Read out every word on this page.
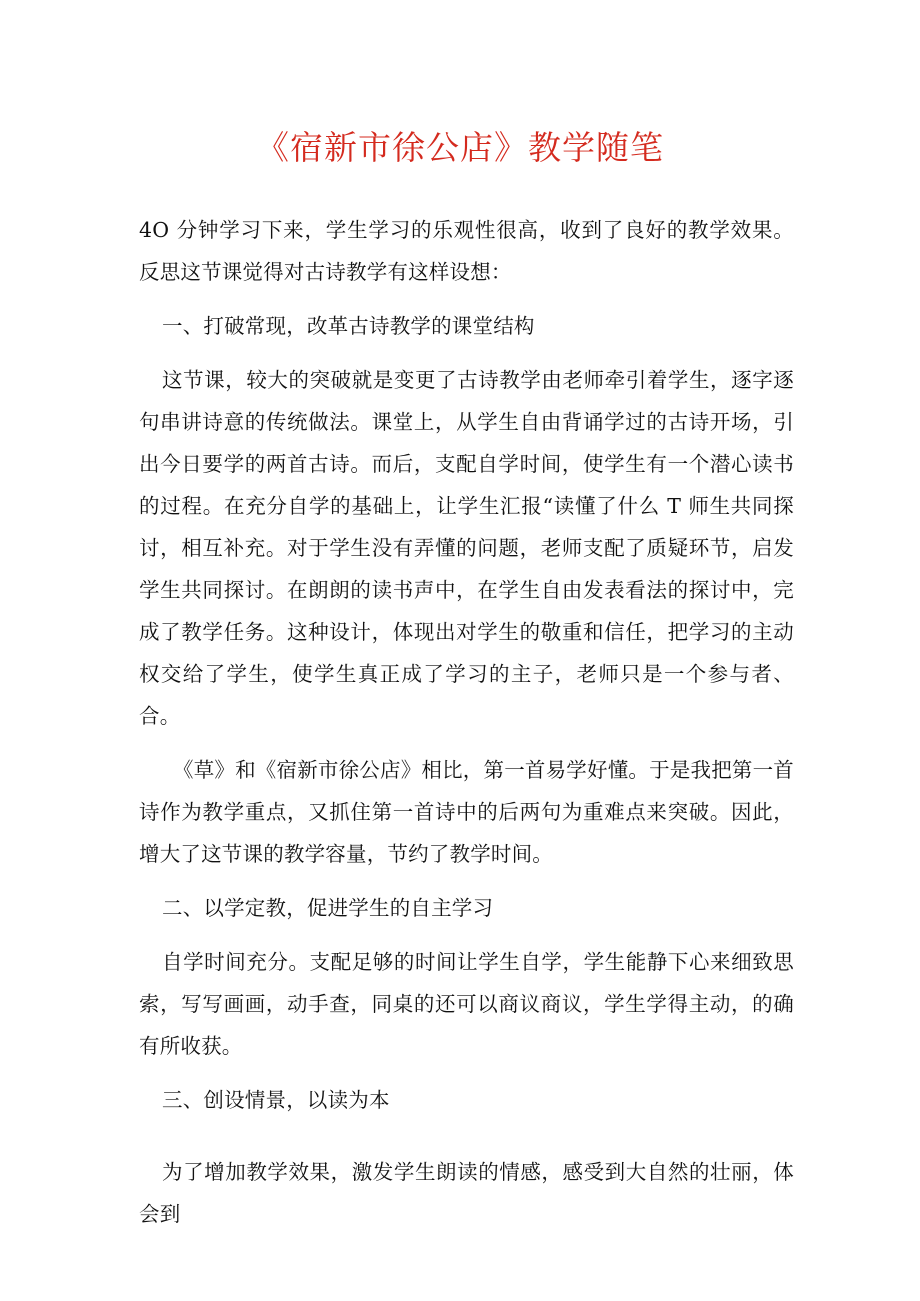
《宿新市徐公店》教学随笔

4O 分钟学习下来，学生学习的乐观性很高，收到了良好的教学效果。反思这节课觉得对古诗教学有这样设想：

一、打破常现，改革古诗教学的课堂结构

这节课，较大的突破就是变更了古诗教学由老师牵引着学生，逐字逐句串讲诗意的传统做法。课堂上，从学生自由背诵学过的古诗开场，引出今日要学的两首古诗。而后，支配自学时间，使学生有一个潜心读书的过程。在充分自学的基础上，让学生汇报“读懂了什么 T 师生共同探讨，相互补充。对于学生没有弄懂的问题，老师支配了质疑环节，启发学生共同探讨。在朗朗的读书声中，在学生自由发表看法的探讨中，完成了教学任务。这种设计，体现出对学生的敬重和信任，把学习的主动权交给了学生，使学生真正成了学习的主子，老师只是一个参与者、合。

《草》和《宿新市徐公店》相比，第一首易学好懂。于是我把第一首诗作为教学重点，又抓住第一首诗中的后两句为重难点来突破。因此，增大了这节课的教学容量，节约了教学时间。

二、以学定教，促进学生的自主学习

自学时间充分。支配足够的时间让学生自学，学生能静下心来细致思索，写写画画，动手查，同桌的还可以商议商议，学生学得主动，的确有所收获。

三、创设情景，以读为本

为了增加教学效果，激发学生朗读的情感，感受到大自然的壮丽，体会到
